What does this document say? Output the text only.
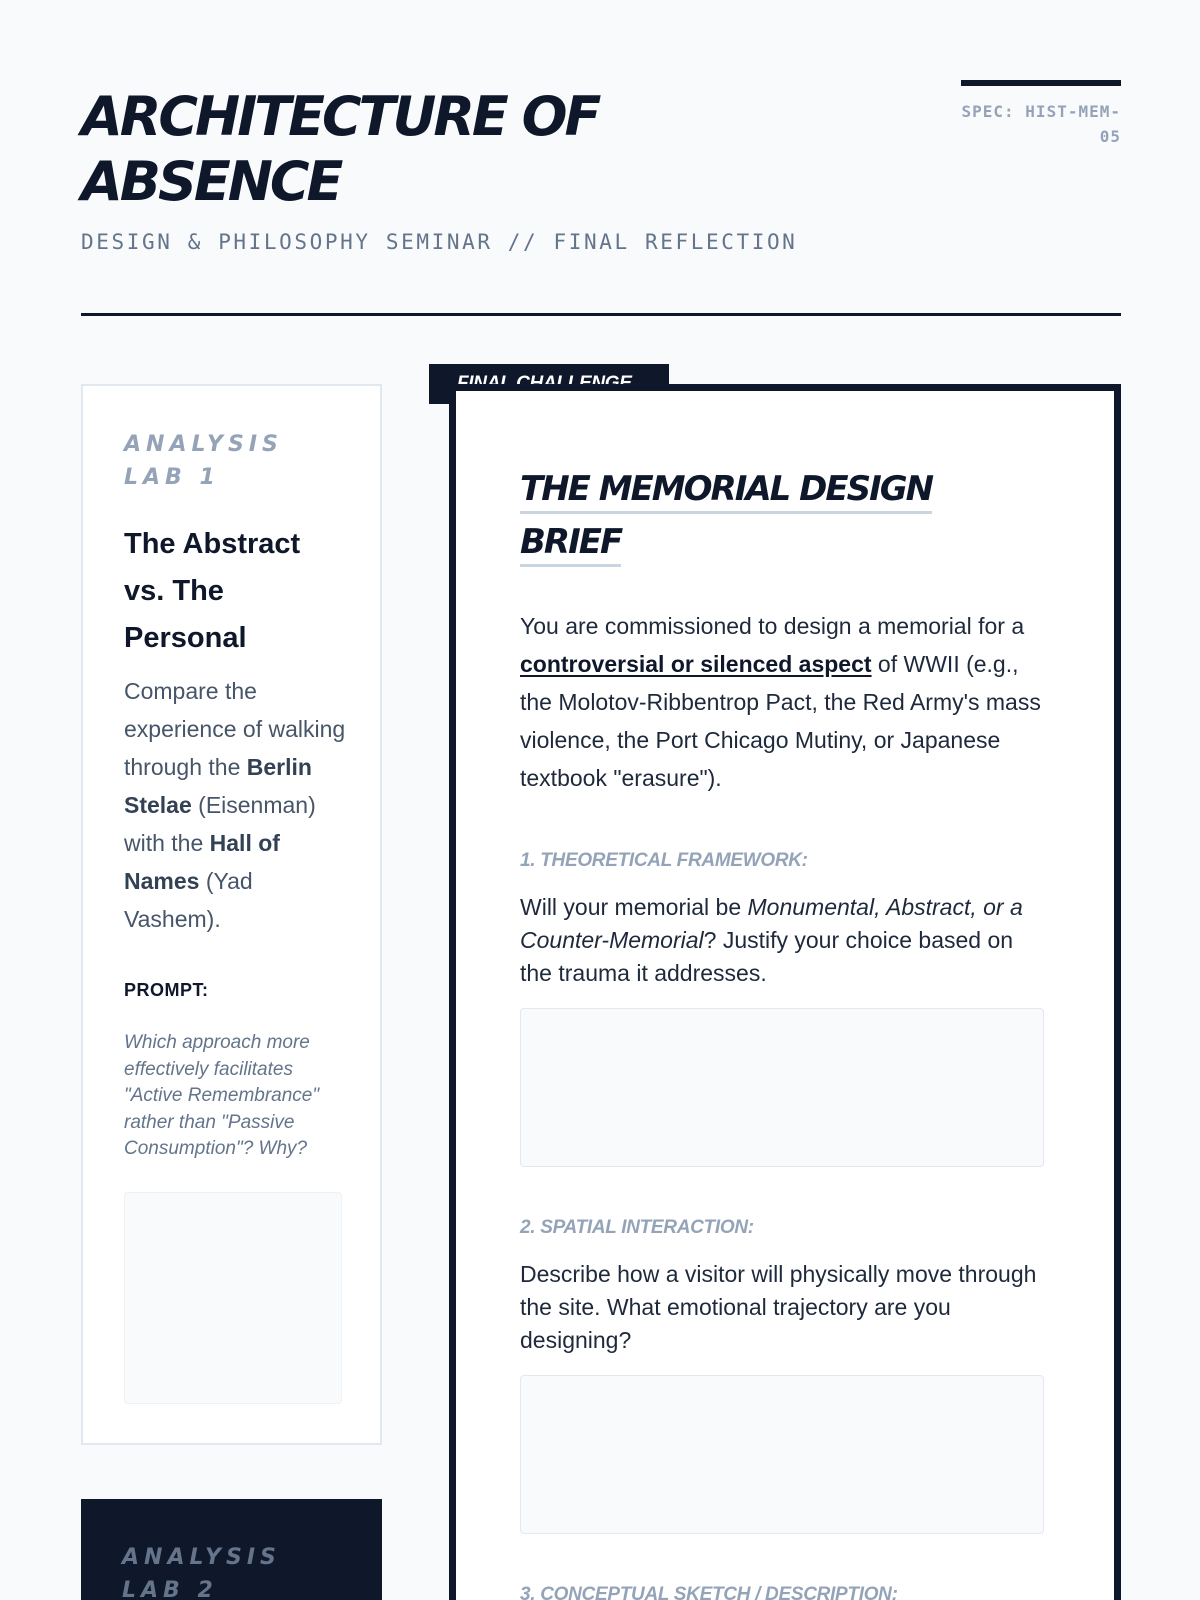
ARCHITECTURE OF ABSENCE
DESIGN & PHILOSOPHY SEMINAR // FINAL REFLECTION
SPEC: HIST-MEM-05
ANALYSIS LAB 1
The Abstract vs. The Personal

Compare the experience of walking through the Berlin Stelae (Eisenman) with the Hall of Names (Yad Vashem).

PROMPT:

Which approach more effectively facilitates "Active Remembrance" rather than "Passive Consumption"? Why?

ANALYSIS LAB 2
THE MEMORIAL DESIGN
BRIEF

You are commissioned to design a memorial for a controversial or silenced aspect of WWII (e.g., the Molotov-Ribbentrop Pact, the Red Army's mass violence, the Port Chicago Mutiny, or Japanese textbook "erasure").

1. THEORETICAL FRAMEWORK:

Will your memorial be Monumental, Abstract, or a Counter-Memorial? Justify your choice based on the trauma it addresses.

2. SPATIAL INTERACTION:

Describe how a visitor will physically move through the site. What emotional trajectory are you designing?

3. CONCEPTUAL SKETCH / DESCRIPTION:
